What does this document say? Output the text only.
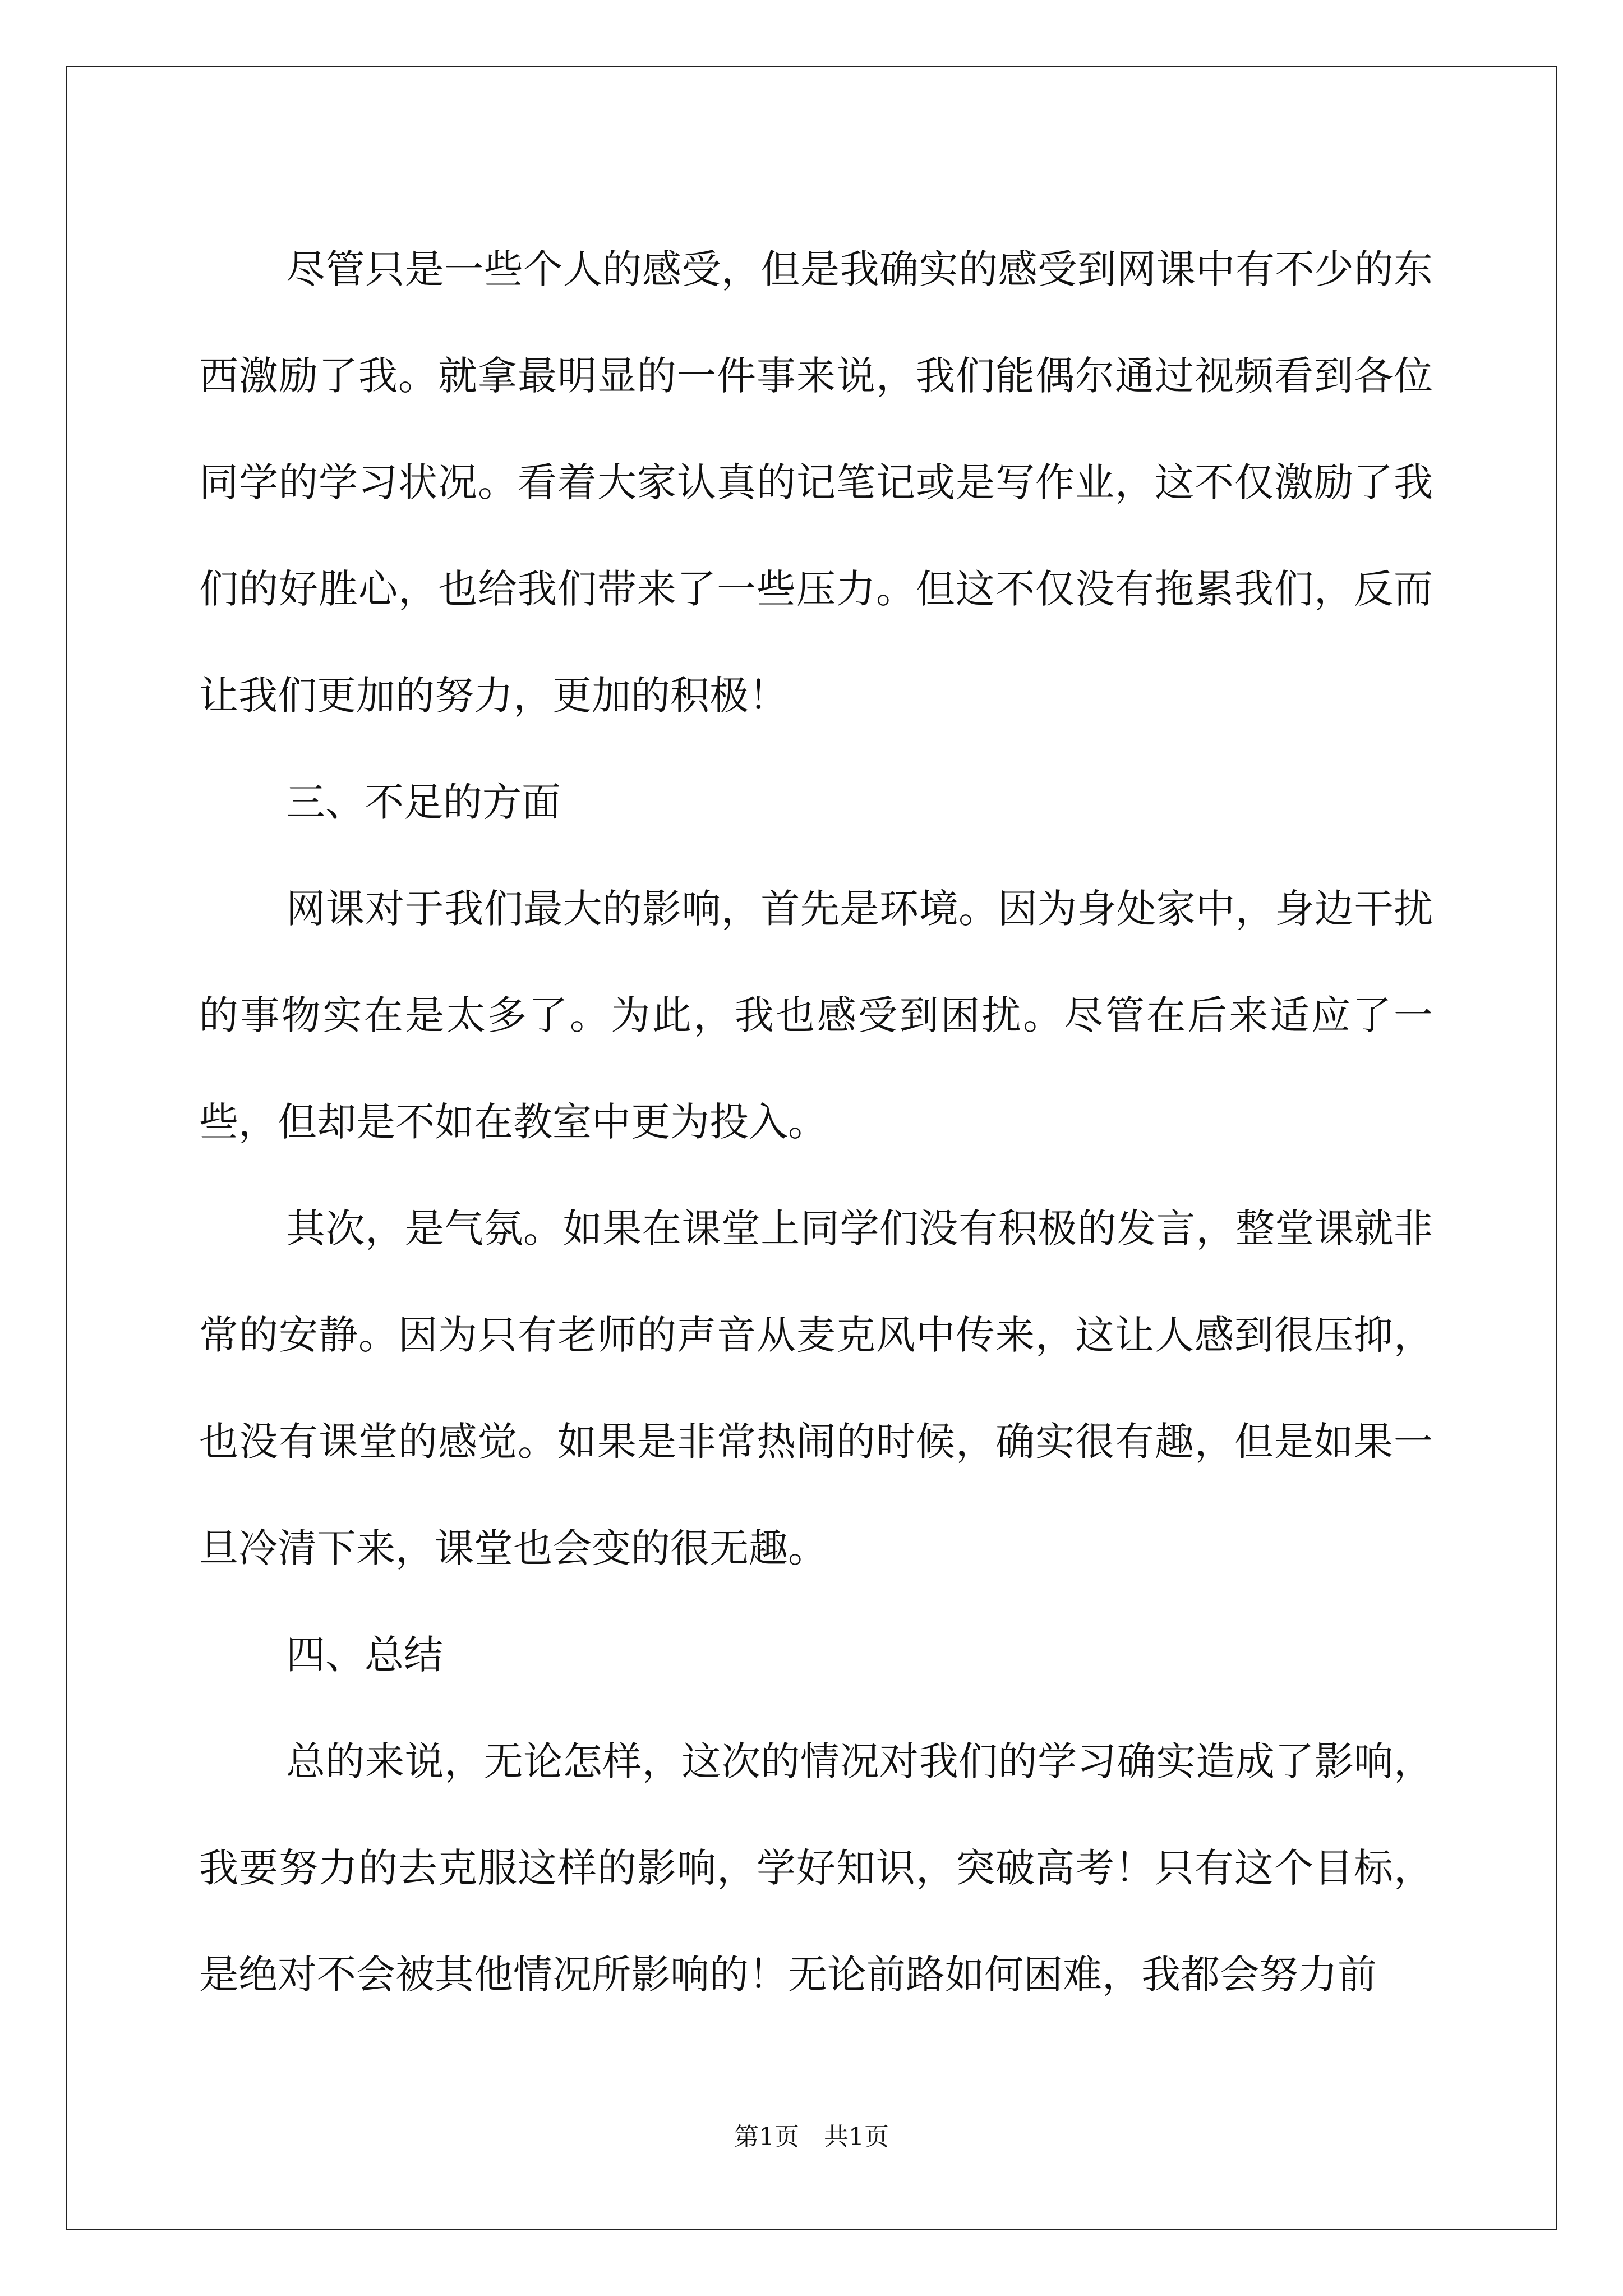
尽管只是一些个人的感受，但是我确实的感受到网课中有不少的东西激励了我。就拿最明显的一件事来说，我们能偶尔通过视频看到各位同学的学习状况。看着大家认真的记笔记或是写作业，这不仅激励了我们的好胜心，也给我们带来了一些压力。但这不仅没有拖累我们，反而让我们更加的努力，更加的积极！

三、不足的方面

网课对于我们最大的影响，首先是环境。因为身处家中，身边干扰的事物实在是太多了。为此，我也感受到困扰。尽管在后来适应了一些，但却是不如在教室中更为投入。

其次，是气氛。如果在课堂上同学们没有积极的发言，整堂课就非常的安静。因为只有老师的声音从麦克风中传来，这让人感到很压抑，也没有课堂的感觉。如果是非常热闹的时候，确实很有趣，但是如果一旦冷清下来，课堂也会变的很无趣。

四、总结

总的来说，无论怎样，这次的情况对我们的学习确实造成了影响，我要努力的去克服这样的影响，学好知识，突破高考！只有这个目标，是绝对不会被其他情况所影响的！无论前路如何困难，我都会努力前

第1页　共1页
